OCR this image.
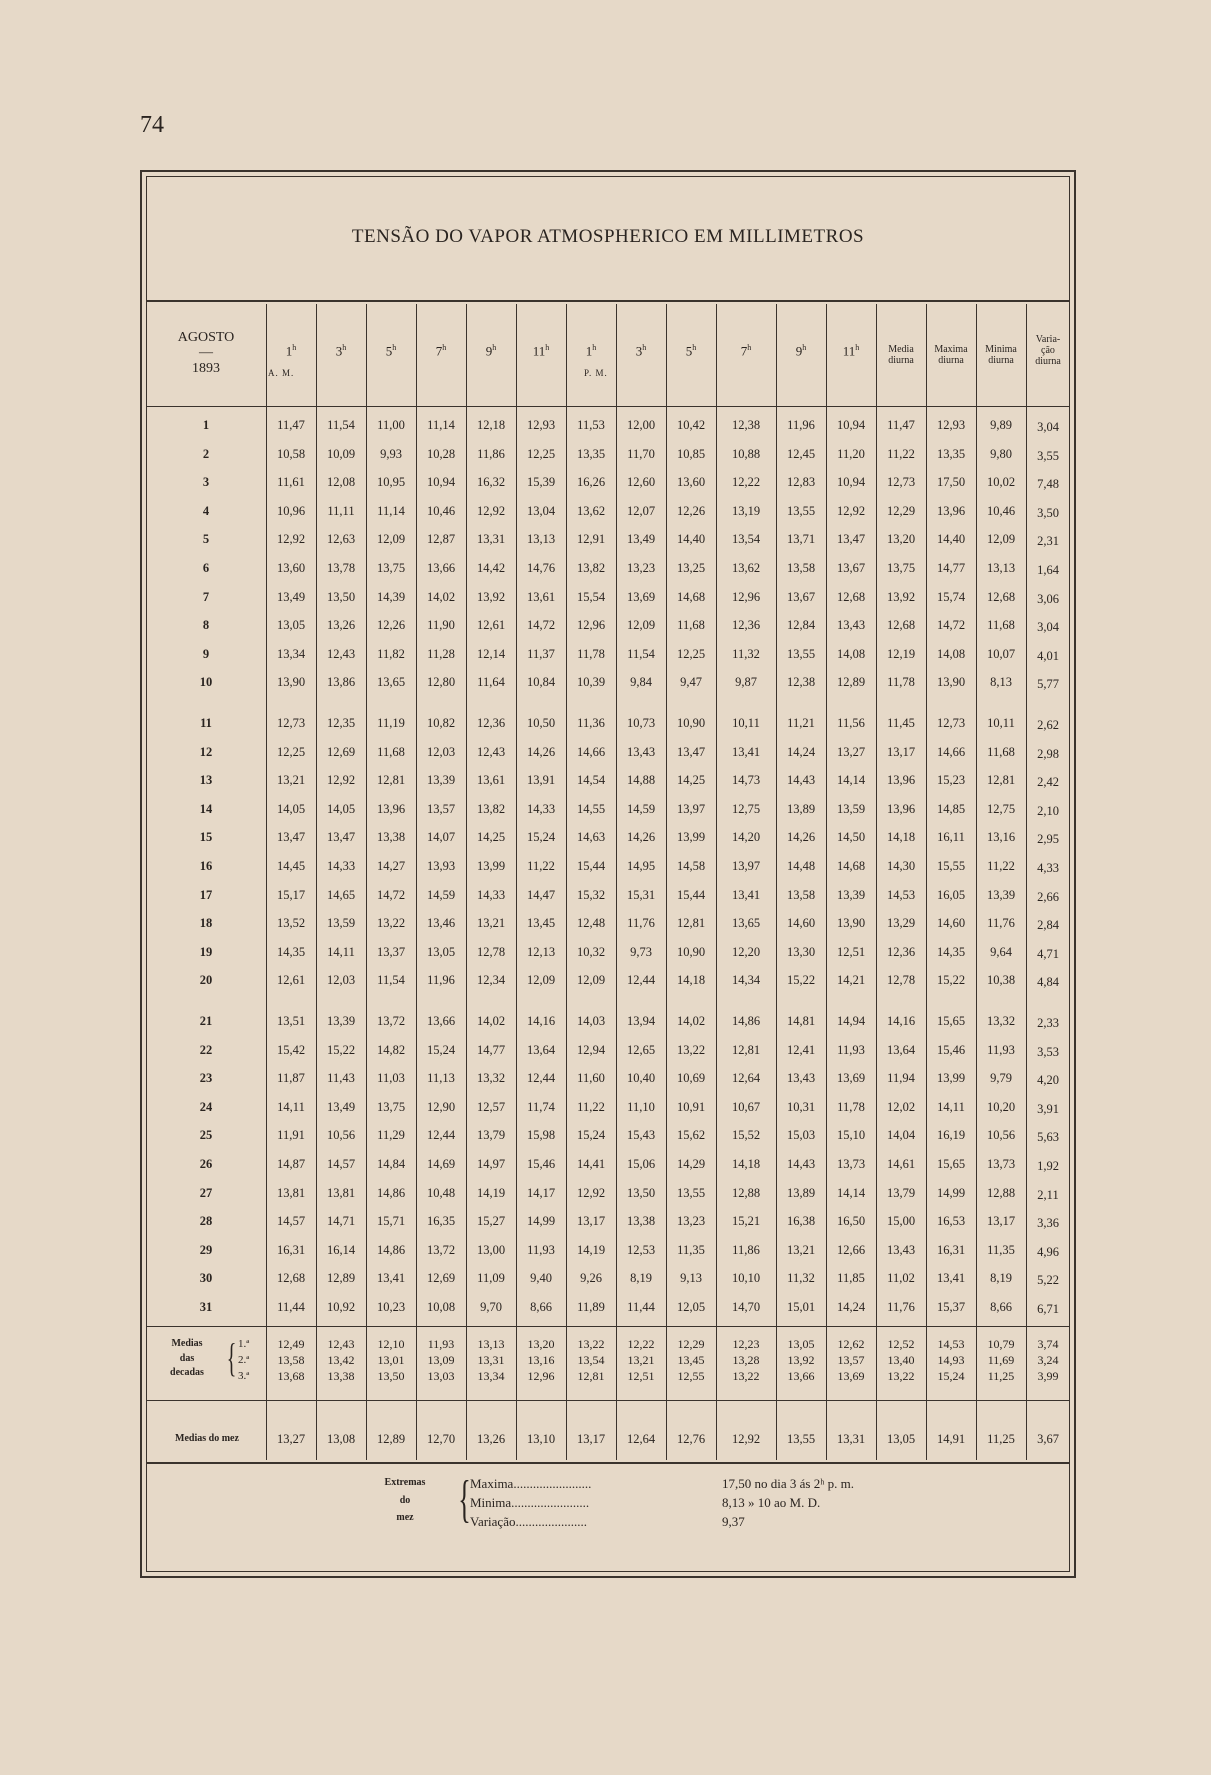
74
TENSÃO DO VAPOR ATMOSPHERICO EM MILLIMETROS
AGOSTO
—
1893
1$^h$	3$^h$	5$^h$	7$^h$	9$^h$	11$^h$	1$^h$	3$^h$	5$^h$	7$^h$	9$^h$	11$^h$
A. M.	P. M.
Media
diurna
Maxima
diurna
Minima
diurna
Varia-
ção
diurna
1	11,47	11,54	11,00	11,14	12,18	12,93	11,53	12,00	10,42	12,38	11,96	10,94	11,47	12,93	9,89	3,04
2	10,58	10,09	9,93	10,28	11,86	12,25	13,35	11,70	10,85	10,88	12,45	11,20	11,22	13,35	9,80	3,55
3	11,61	12,08	10,95	10,94	16,32	15,39	16,26	12,60	13,60	12,22	12,83	10,94	12,73	17,50	10,02	7,48
4	10,96	11,11	11,14	10,46	12,92	13,04	13,62	12,07	12,26	13,19	13,55	12,92	12,29	13,96	10,46	3,50
5	12,92	12,63	12,09	12,87	13,31	13,13	12,91	13,49	14,40	13,54	13,71	13,47	13,20	14,40	12,09	2,31
6	13,60	13,78	13,75	13,66	14,42	14,76	13,82	13,23	13,25	13,62	13,58	13,67	13,75	14,77	13,13	1,64
7	13,49	13,50	14,39	14,02	13,92	13,61	15,54	13,69	14,68	12,96	13,67	12,68	13,92	15,74	12,68	3,06
8	13,05	13,26	12,26	11,90	12,61	14,72	12,96	12,09	11,68	12,36	12,84	13,43	12,68	14,72	11,68	3,04
9	13,34	12,43	11,82	11,28	12,14	11,37	11,78	11,54	12,25	11,32	13,55	14,08	12,19	14,08	10,07	4,01
10	13,90	13,86	13,65	12,80	11,64	10,84	10,39	9,84	9,47	9,87	12,38	12,89	11,78	13,90	8,13	5,77
11	12,73	12,35	11,19	10,82	12,36	10,50	11,36	10,73	10,90	10,11	11,21	11,56	11,45	12,73	10,11	2,62
12	12,25	12,69	11,68	12,03	12,43	14,26	14,66	13,43	13,47	13,41	14,24	13,27	13,17	14,66	11,68	2,98
13	13,21	12,92	12,81	13,39	13,61	13,91	14,54	14,88	14,25	14,73	14,43	14,14	13,96	15,23	12,81	2,42
14	14,05	14,05	13,96	13,57	13,82	14,33	14,55	14,59	13,97	12,75	13,89	13,59	13,96	14,85	12,75	2,10
15	13,47	13,47	13,38	14,07	14,25	15,24	14,63	14,26	13,99	14,20	14,26	14,50	14,18	16,11	13,16	2,95
16	14,45	14,33	14,27	13,93	13,99	11,22	15,44	14,95	14,58	13,97	14,48	14,68	14,30	15,55	11,22	4,33
17	15,17	14,65	14,72	14,59	14,33	14,47	15,32	15,31	15,44	13,41	13,58	13,39	14,53	16,05	13,39	2,66
18	13,52	13,59	13,22	13,46	13,21	13,45	12,48	11,76	12,81	13,65	14,60	13,90	13,29	14,60	11,76	2,84
19	14,35	14,11	13,37	13,05	12,78	12,13	10,32	9,73	10,90	12,20	13,30	12,51	12,36	14,35	9,64	4,71
20	12,61	12,03	11,54	11,96	12,34	12,09	12,09	12,44	14,18	14,34	15,22	14,21	12,78	15,22	10,38	4,84
21	13,51	13,39	13,72	13,66	14,02	14,16	14,03	13,94	14,02	14,86	14,81	14,94	14,16	15,65	13,32	2,33
22	15,42	15,22	14,82	15,24	14,77	13,64	12,94	12,65	13,22	12,81	12,41	11,93	13,64	15,46	11,93	3,53
23	11,87	11,43	11,03	11,13	13,32	12,44	11,60	10,40	10,69	12,64	13,43	13,69	11,94	13,99	9,79	4,20
24	14,11	13,49	13,75	12,90	12,57	11,74	11,22	11,10	10,91	10,67	10,31	11,78	12,02	14,11	10,20	3,91
25	11,91	10,56	11,29	12,44	13,79	15,98	15,24	15,43	15,62	15,52	15,03	15,10	14,04	16,19	10,56	5,63
26	14,87	14,57	14,84	14,69	14,97	15,46	14,41	15,06	14,29	14,18	14,43	13,73	14,61	15,65	13,73	1,92
27	13,81	13,81	14,86	10,48	14,19	14,17	12,92	13,50	13,55	12,88	13,89	14,14	13,79	14,99	12,88	2,11
28	14,57	14,71	15,71	16,35	15,27	14,99	13,17	13,38	13,23	15,21	16,38	16,50	15,00	16,53	13,17	3,36
29	16,31	16,14	14,86	13,72	13,00	11,93	14,19	12,53	11,35	11,86	13,21	12,66	13,43	16,31	11,35	4,96
30	12,68	12,89	13,41	12,69	11,09	9,40	9,26	8,19	9,13	10,10	11,32	11,85	11,02	13,41	8,19	5,22
31	11,44	10,92	10,23	10,08	9,70	8,66	11,89	11,44	12,05	14,70	15,01	14,24	11,76	15,37	8,66	6,71
Medias
das
decadas { 1.ª
2.ª
3.ª
12,49	12,43	12,10	11,93	13,13	13,20	13,22	12,22	12,29	12,23	13,05	12,62	12,52	14,53	10,79	3,74
13,58	13,42	13,01	13,09	13,31	13,16	13,54	13,21	13,45	13,28	13,92	13,57	13,40	14,93	11,69	3,24
13,68	13,38	13,50	13,03	13,34	12,96	12,81	12,51	12,55	13,22	13,66	13,69	13,22	15,24	11,25	3,99
Medias do mez	13,27	13,08	12,89	12,70	13,26	13,10	13,17	12,64	12,76	12,92	13,55	13,31	13,05	14,91	11,25	3,67
Extremas
do
mez { Maxima........................
Minima........................
Variação......................
17,50 no dia 3 ás 2ʰ p. m.
8,13 » 10 ao M. D.
9,37
